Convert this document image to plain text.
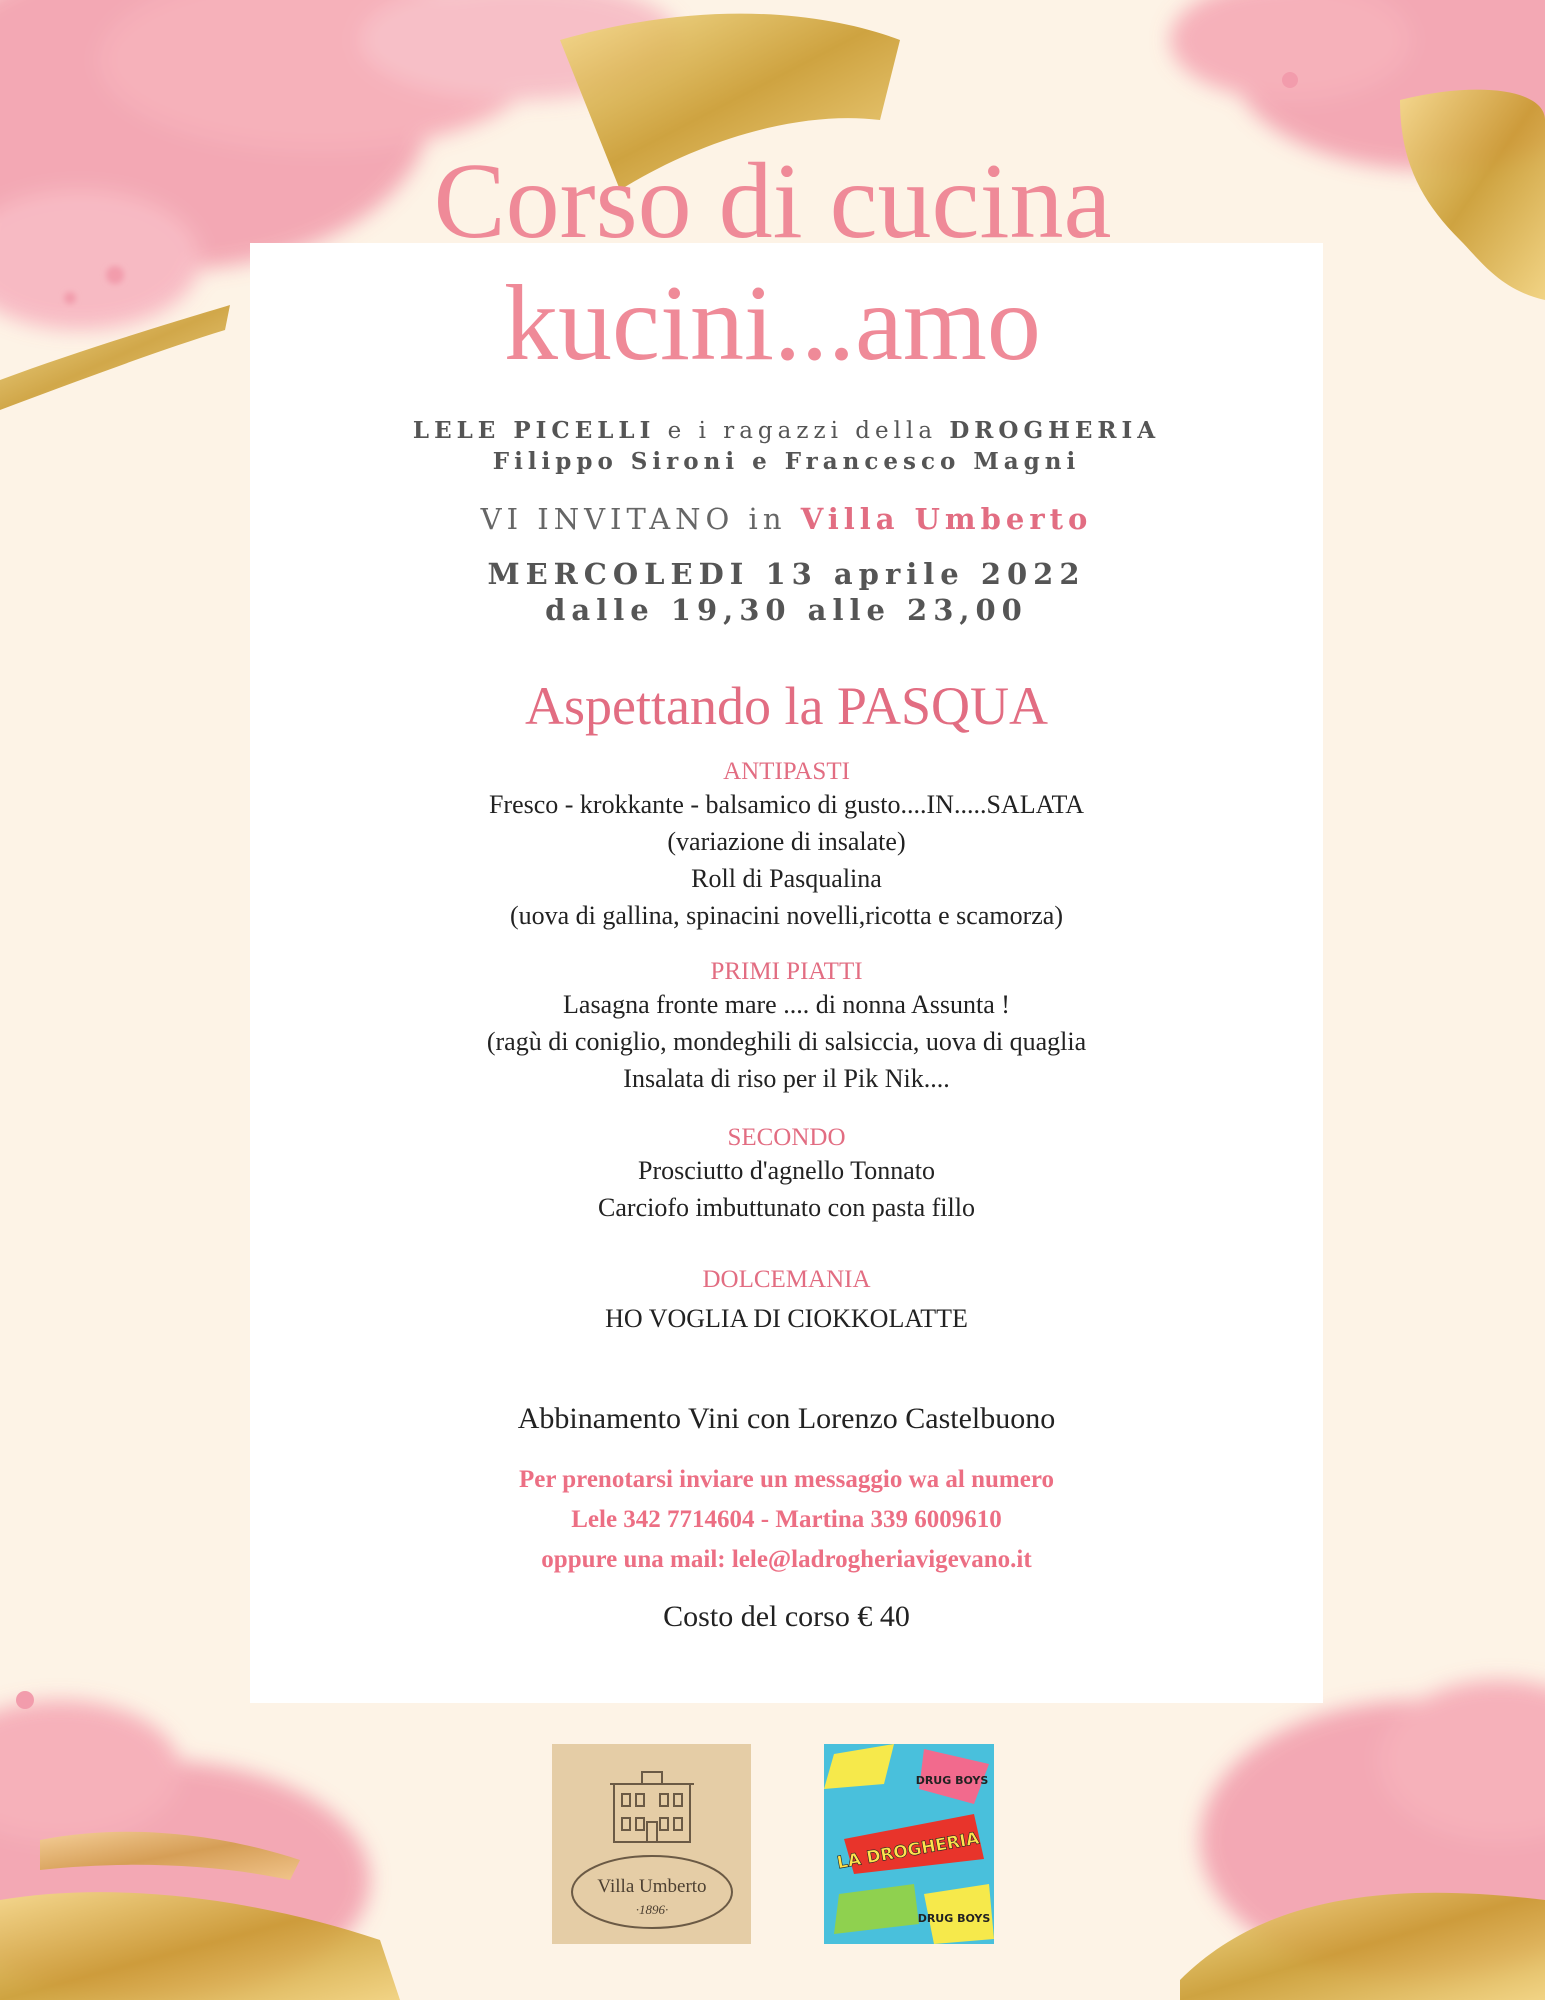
Corso di cucina
kucini...amo
LELE PICELLI e i ragazzi della DROGHERIA
Filippo Sironi e Francesco Magni
VI INVITANO in Villa Umberto
MERCOLEDI 13 aprile 2022
dalle 19,30 alle 23,00
Aspettando la PASQUA
ANTIPASTI
Fresco - krokkante - balsamico di gusto....IN.....SALATA
(variazione di insalate)
Roll di Pasqualina
(uova di gallina, spinacini novelli,ricotta e scamorza)
PRIMI PIATTI
Lasagna fronte mare .... di nonna Assunta !
(ragù di coniglio, mondeghili di salsiccia, uova di quaglia
Insalata di riso per il Pik Nik....
SECONDO
Prosciutto d'agnello Tonnato
Carciofo imbuttunato con pasta fillo
DOLCEMANIA
HO VOGLIA DI CIOKKOLATTE
Abbinamento Vini con Lorenzo Castelbuono
Per prenotarsi inviare un messaggio wa al numero
Lele 342 7714604 - Martina 339 6009610
oppure una mail: lele@ladrogheriavigevano.it
Costo del corso € 40
Villa Umberto
·1896·
LA DROGHERIA
DRUG BOYS
DRUG BOYS
